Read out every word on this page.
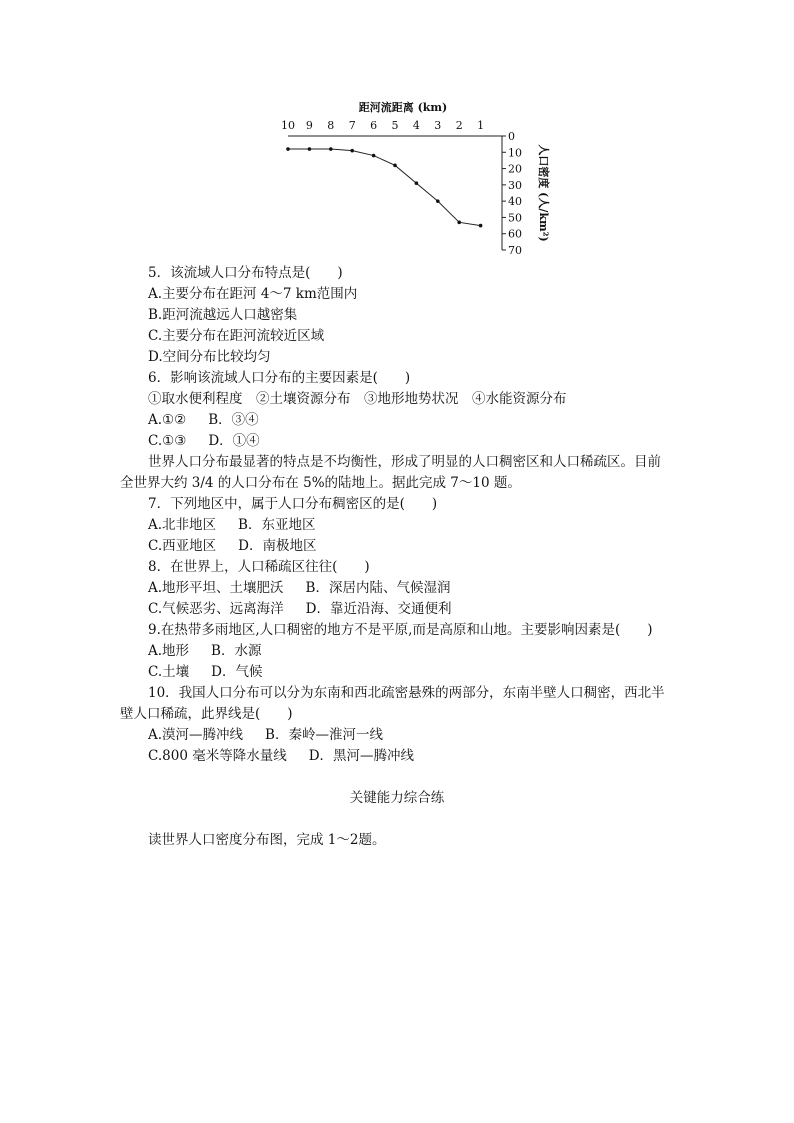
距河流距离 (km)
10 9 8 7 6 5 4 3 2 1
0
10
20
30
40
50
60
70
人口密度 (人/km²)
5．该流域人口分布特点是(　　)
A.主要分布在距河 4～7 km范围内
B.距河流越远人口越密集
C.主要分布在距河流较近区域
D.空间分布比较均匀
6．影响该流域人口分布的主要因素是(　　)
①取水便利程度　②土壤资源分布　③地形地势状况　④水能资源分布
A.①② B．③④
C.①③ D．①④
世界人口分布最显著的特点是不均衡性，形成了明显的人口稠密区和人口稀疏区。目前
全世界大约 3/4 的人口分布在 5%的陆地上。据此完成 7～10 题。
7．下列地区中，属于人口分布稠密区的是(　　)
A.北非地区 B．东亚地区
C.西亚地区 D．南极地区
8．在世界上，人口稀疏区往往(　　)
A.地形平坦、土壤肥沃 B．深居内陆、气候湿润
C.气候恶劣、远离海洋 D．靠近沿海、交通便利
9.在热带多雨地区,人口稠密的地方不是平原,而是高原和山地。主要影响因素是(　　)
A.地形 B．水源
C.土壤 D．气候
10．我国人口分布可以分为东南和西北疏密悬殊的两部分，东南半壁人口稠密，西北半
壁人口稀疏，此界线是(　　)
A.漠河—腾冲线 B．秦岭—淮河一线
C.800 毫米等降水量线 D．黑河—腾冲线
关键能力综合练
读世界人口密度分布图，完成 1～2题。
